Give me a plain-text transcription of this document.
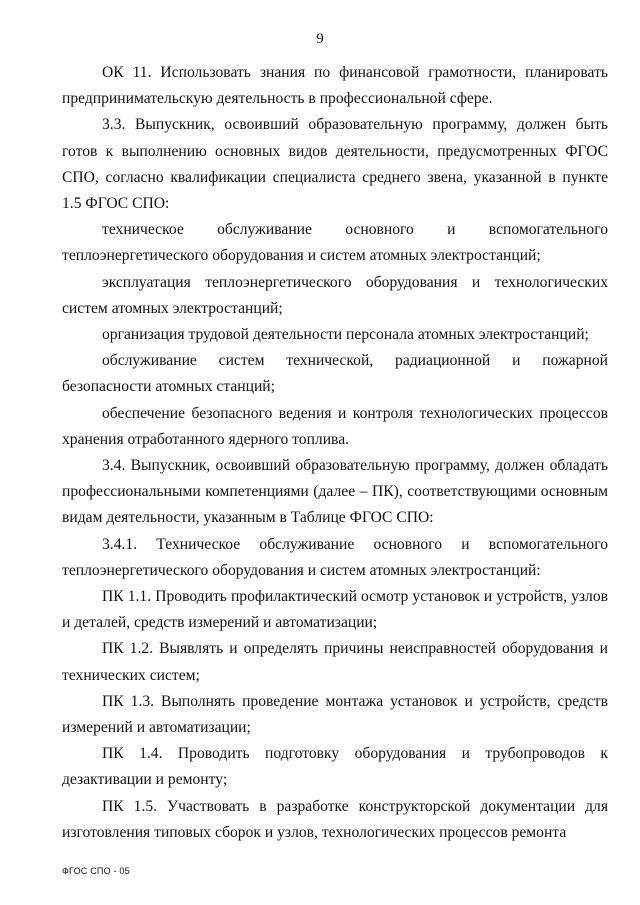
9

ОК 11. Использовать знания по финансовой грамотности, планировать предпринимательскую деятельность в профессиональной сфере.

3.3. Выпускник, освоивший образовательную программу, должен быть готов к выполнению основных видов деятельности, предусмотренных ФГОС СПО, согласно квалификации специалиста среднего звена, указанной в пункте 1.5 ФГОС СПО:

техническое обслуживание основного и вспомогательного теплоэнергетического оборудования и систем атомных электростанций;

эксплуатация теплоэнергетического оборудования и технологических систем атомных электростанций;

организация трудовой деятельности персонала атомных электростанций;

обслуживание систем технической, радиационной и пожарной безопасности атомных станций;

обеспечение безопасного ведения и контроля технологических процессов хранения отработанного ядерного топлива.

3.4. Выпускник, освоивший образовательную программу, должен обладать профессиональными компетенциями (далее – ПК), соответствующими основным видам деятельности, указанным в Таблице ФГОС СПО:

3.4.1. Техническое обслуживание основного и вспомогательного теплоэнергетического оборудования и систем атомных электростанций:

ПК 1.1. Проводить профилактический осмотр установок и устройств, узлов и деталей, средств измерений и автоматизации;

ПК 1.2. Выявлять и определять причины неисправностей оборудования и технических систем;

ПК 1.3. Выполнять проведение монтажа установок и устройств, средств измерений и автоматизации;

ПК 1.4. Проводить подготовку оборудования и трубопроводов к дезактивации и ремонту;

ПК 1.5. Участвовать в разработке конструкторской документации для изготовления типовых сборок и узлов, технологических процессов ремонта

ФГОС СПО - 05
